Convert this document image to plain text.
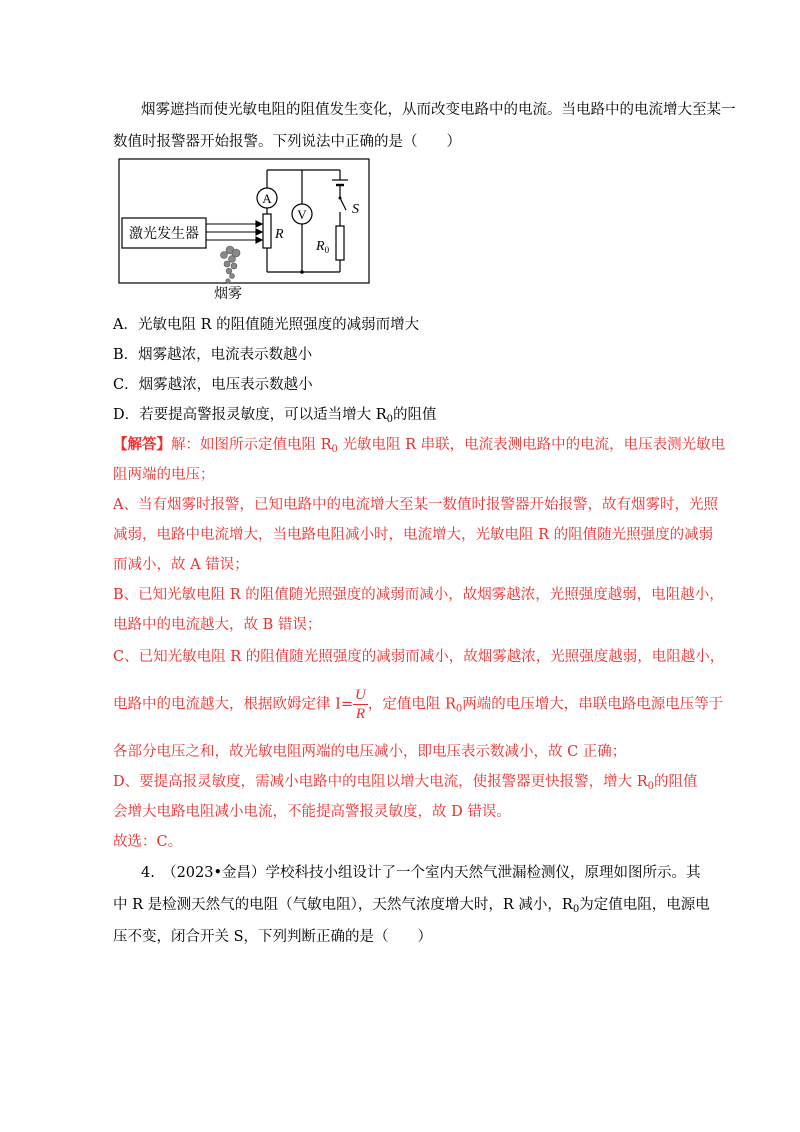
烟雾遮挡而使光敏电阻的阻值发生变化，从而改变电路中的电流。当电路中的电流增大至某一
数值时报警器开始报警。下列说法中正确的是（　　）
激光发生器	R
A
V	S
$R_0$
烟雾
A．光敏电阻 R 的阻值随光照强度的减弱而增大
B．烟雾越浓，电流表示数越小
C．烟雾越浓，电压表示数越小
D．若要提高警报灵敏度，可以适当增大 $R_0$的阻值
【解答】解：如图所示定值电阻 $R_0$ 光敏电阻 R 串联，电流表测电路中的电流，电压表测光敏电
阻两端的电压；
A、当有烟雾时报警，已知电路中的电流增大至某一数值时报警器开始报警，故有烟雾时，光照
减弱，电路中电流增大，当电路电阻减小时，电流增大，光敏电阻 R 的阻值随光照强度的减弱
而减小，故 A 错误；
B、已知光敏电阻 R 的阻值随光照强度的减弱而减小，故烟雾越浓，光照强度越弱，电阻越小，
电路中的电流越大，故 B 错误；
C、已知光敏电阻 R 的阻值随光照强度的减弱而减小，故烟雾越浓，光照强度越弱，电阻越小，
电路中的电流越大，根据欧姆定律 $I= \frac{U}{R}$ ，定值电阻 $R_0$两端的电压增大，串联电路电源电压等于
各部分电压之和，故光敏电阻两端的电压减小，即电压表示数减小，故 C 正确；
D、要提高报灵敏度，需减小电路中的电阻以增大电流，使报警器更快报警，增大 $R_0$的阻值
会增大电路电阻减小电流，不能提高警报灵敏度，故 D 错误。
故选：C。
4.　（2023•金昌）学校科技小组设计了一个室内天然气泄漏检测仪，原理如图所示。其
中 R 是检测天然气的电阻（气敏电阻），天然气浓度增大时，R 减小，$R_0$为定值电阻，电源电
压不变，闭合开关 S，下列判断正确的是（　　）
